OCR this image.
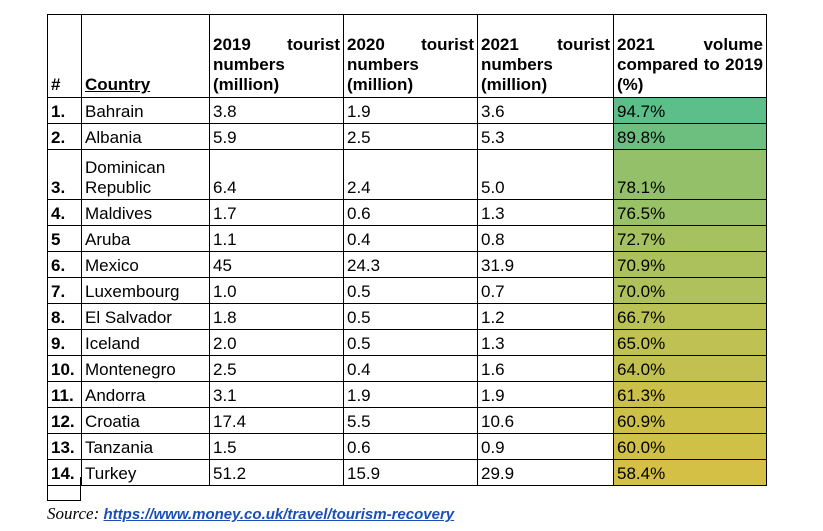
#	Country	2019 tourist numbers (million)	2020 tourist numbers (million)	2021 tourist numbers (million)	2021 volume compared to 2019 (%)
1.	Bahrain	3.8	1.9	3.6	94.7%
2.	Albania	5.9	2.5	5.3	89.8%
3.	Dominican Republic	6.4	2.4	5.0	78.1%
4.	Maldives	1.7	0.6	1.3	76.5%
5	Aruba	1.1	0.4	0.8	72.7%
6.	Mexico	45	24.3	31.9	70.9%
7.	Luxembourg	1.0	0.5	0.7	70.0%
8.	El Salvador	1.8	0.5	1.2	66.7%
9.	Iceland	2.0	0.5	1.3	65.0%
10.	Montenegro	2.5	0.4	1.6	64.0%
11.	Andorra	3.1	1.9	1.9	61.3%
12.	Croatia	17.4	5.5	10.6	60.9%
13.	Tanzania	1.5	0.6	0.9	60.0%
14.	Turkey	51.2	15.9	29.9	58.4%
Source: https://www.money.co.uk/travel/tourism-recovery
